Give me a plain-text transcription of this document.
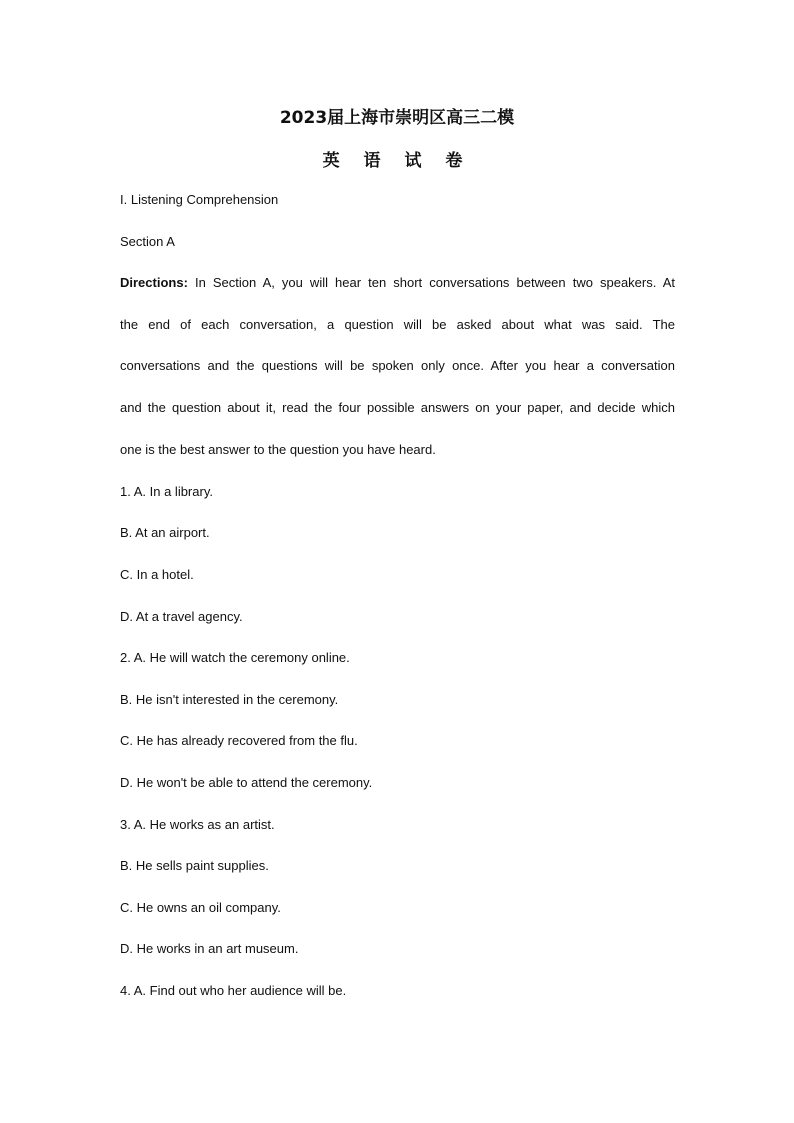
2023届上海市崇明区高三二模
英 语 试 卷

I. Listening Comprehension

Section A

Directions: In Section A, you will hear ten short conversations between two speakers. At

the end of each conversation, a question will be asked about what was said. The

conversations and the questions will be spoken only once. After you hear a conversation

and the question about it, read the four possible answers on your paper, and decide which

one is the best answer to the question you have heard.

1. A. In a library.

B. At an airport.

C. In a hotel.

D. At a travel agency.

2. A. He will watch the ceremony online.

B. He isn't interested in the ceremony.

C. He has already recovered from the flu.

D. He won't be able to attend the ceremony.

3. A. He works as an artist.

B. He sells paint supplies.

C. He owns an oil company.

D. He works in an art museum.

4. A. Find out who her audience will be.
